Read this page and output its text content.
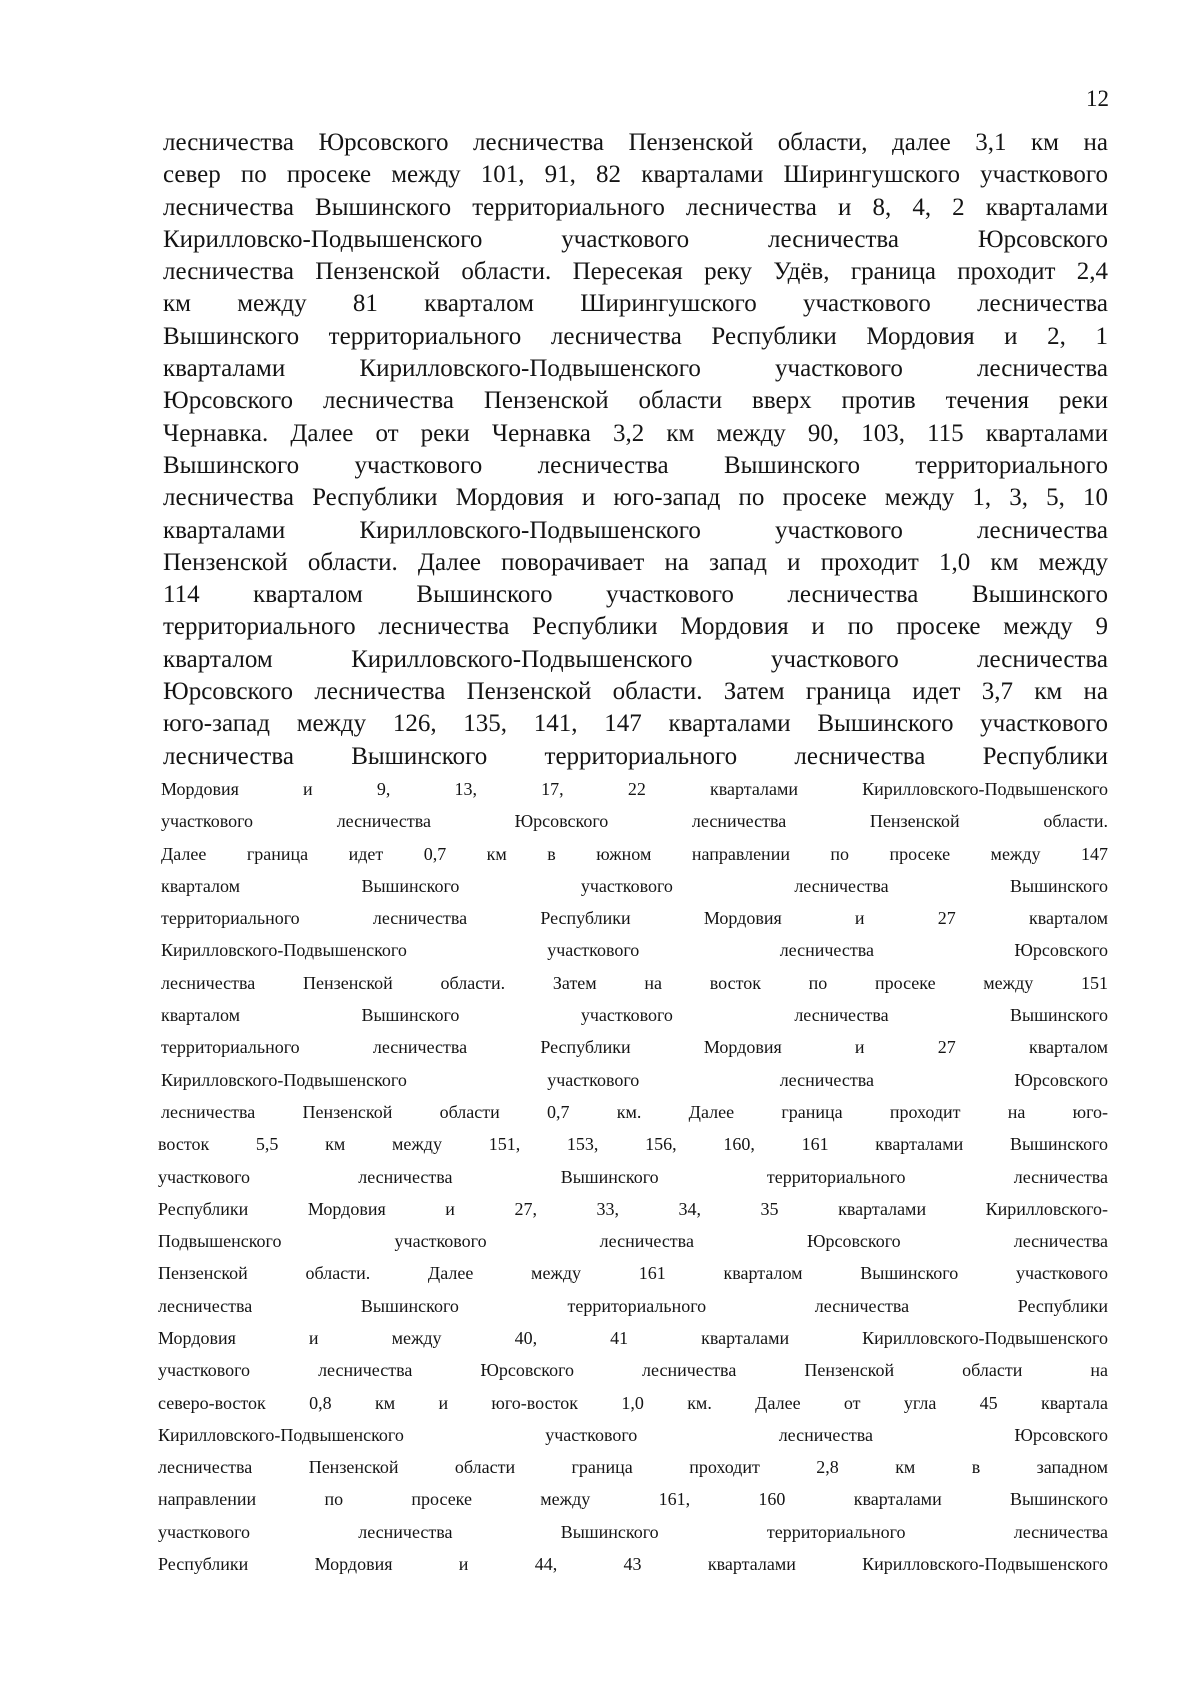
12
лесничества Юрсовского лесничества Пензенской области, далее 3,1 км на
север по просеке между 101, 91, 82 кварталами Ширингушского участкового
лесничества Вышинского территориального лесничества и 8, 4, 2 кварталами
Кирилловско-Подвышенского участкового лесничества Юрсовского
лесничества Пензенской области. Пересекая реку Удёв, граница проходит 2,4
км между 81 кварталом Ширингушского участкового лесничества
Вышинского территориального лесничества Республики Мордовия и 2, 1
кварталами Кирилловского-Подвышенского участкового лесничества
Юрсовского лесничества Пензенской области вверх против течения реки
Чернавка. Далее от реки Чернавка 3,2 км между 90, 103, 115 кварталами
Вышинского участкового лесничества Вышинского территориального
лесничества Республики Мордовия и юго-запад по просеке между 1, 3, 5, 10
кварталами Кирилловского-Подвышенского участкового лесничества
Пензенской области. Далее поворачивает на запад и проходит 1,0 км между
114 кварталом Вышинского участкового лесничества Вышинского
территориального лесничества Республики Мордовия и по просеке между 9
кварталом Кирилловского-Подвышенского участкового лесничества
Юрсовского лесничества Пензенской области. Затем граница идет 3,7 км на
юго-запад между 126, 135, 141, 147 кварталами Вышинского участкового
лесничества Вышинского территориального лесничества Республики
Мордовия и 9, 13, 17, 22 кварталами Кирилловского-Подвышенского
участкового лесничества Юрсовского лесничества Пензенской области.
Далее граница идет 0,7 км в южном направлении по просеке между 147
кварталом Вышинского участкового лесничества Вышинского
территориального лесничества Республики Мордовия и 27 кварталом
Кирилловского-Подвышенского участкового лесничества Юрсовского
лесничества Пензенской области. Затем на восток по просеке между 151
кварталом Вышинского участкового лесничества Вышинского
территориального лесничества Республики Мордовия и 27 кварталом
Кирилловского-Подвышенского участкового лесничества Юрсовского
лесничества Пензенской области 0,7 км. Далее граница проходит на юго-
восток 5,5 км между 151, 153, 156, 160, 161 кварталами Вышинского
участкового лесничества Вышинского территориального лесничества
Республики Мордовия и 27, 33, 34, 35 кварталами Кирилловского-
Подвышенского участкового лесничества Юрсовского лесничества
Пензенской области. Далее между 161 кварталом Вышинского участкового
лесничества Вышинского территориального лесничества Республики
Мордовия и между 40, 41 кварталами Кирилловского-Подвышенского
участкового лесничества Юрсовского лесничества Пензенской области на
северо-восток 0,8 км и юго-восток 1,0 км. Далее от угла 45 квартала
Кирилловского-Подвышенского участкового лесничества Юрсовского
лесничества Пензенской области граница проходит 2,8 км в западном
направлении по просеке между 161, 160 кварталами Вышинского
участкового лесничества Вышинского территориального лесничества
Республики Мордовия и 44, 43 кварталами Кирилловского-Подвышенского
